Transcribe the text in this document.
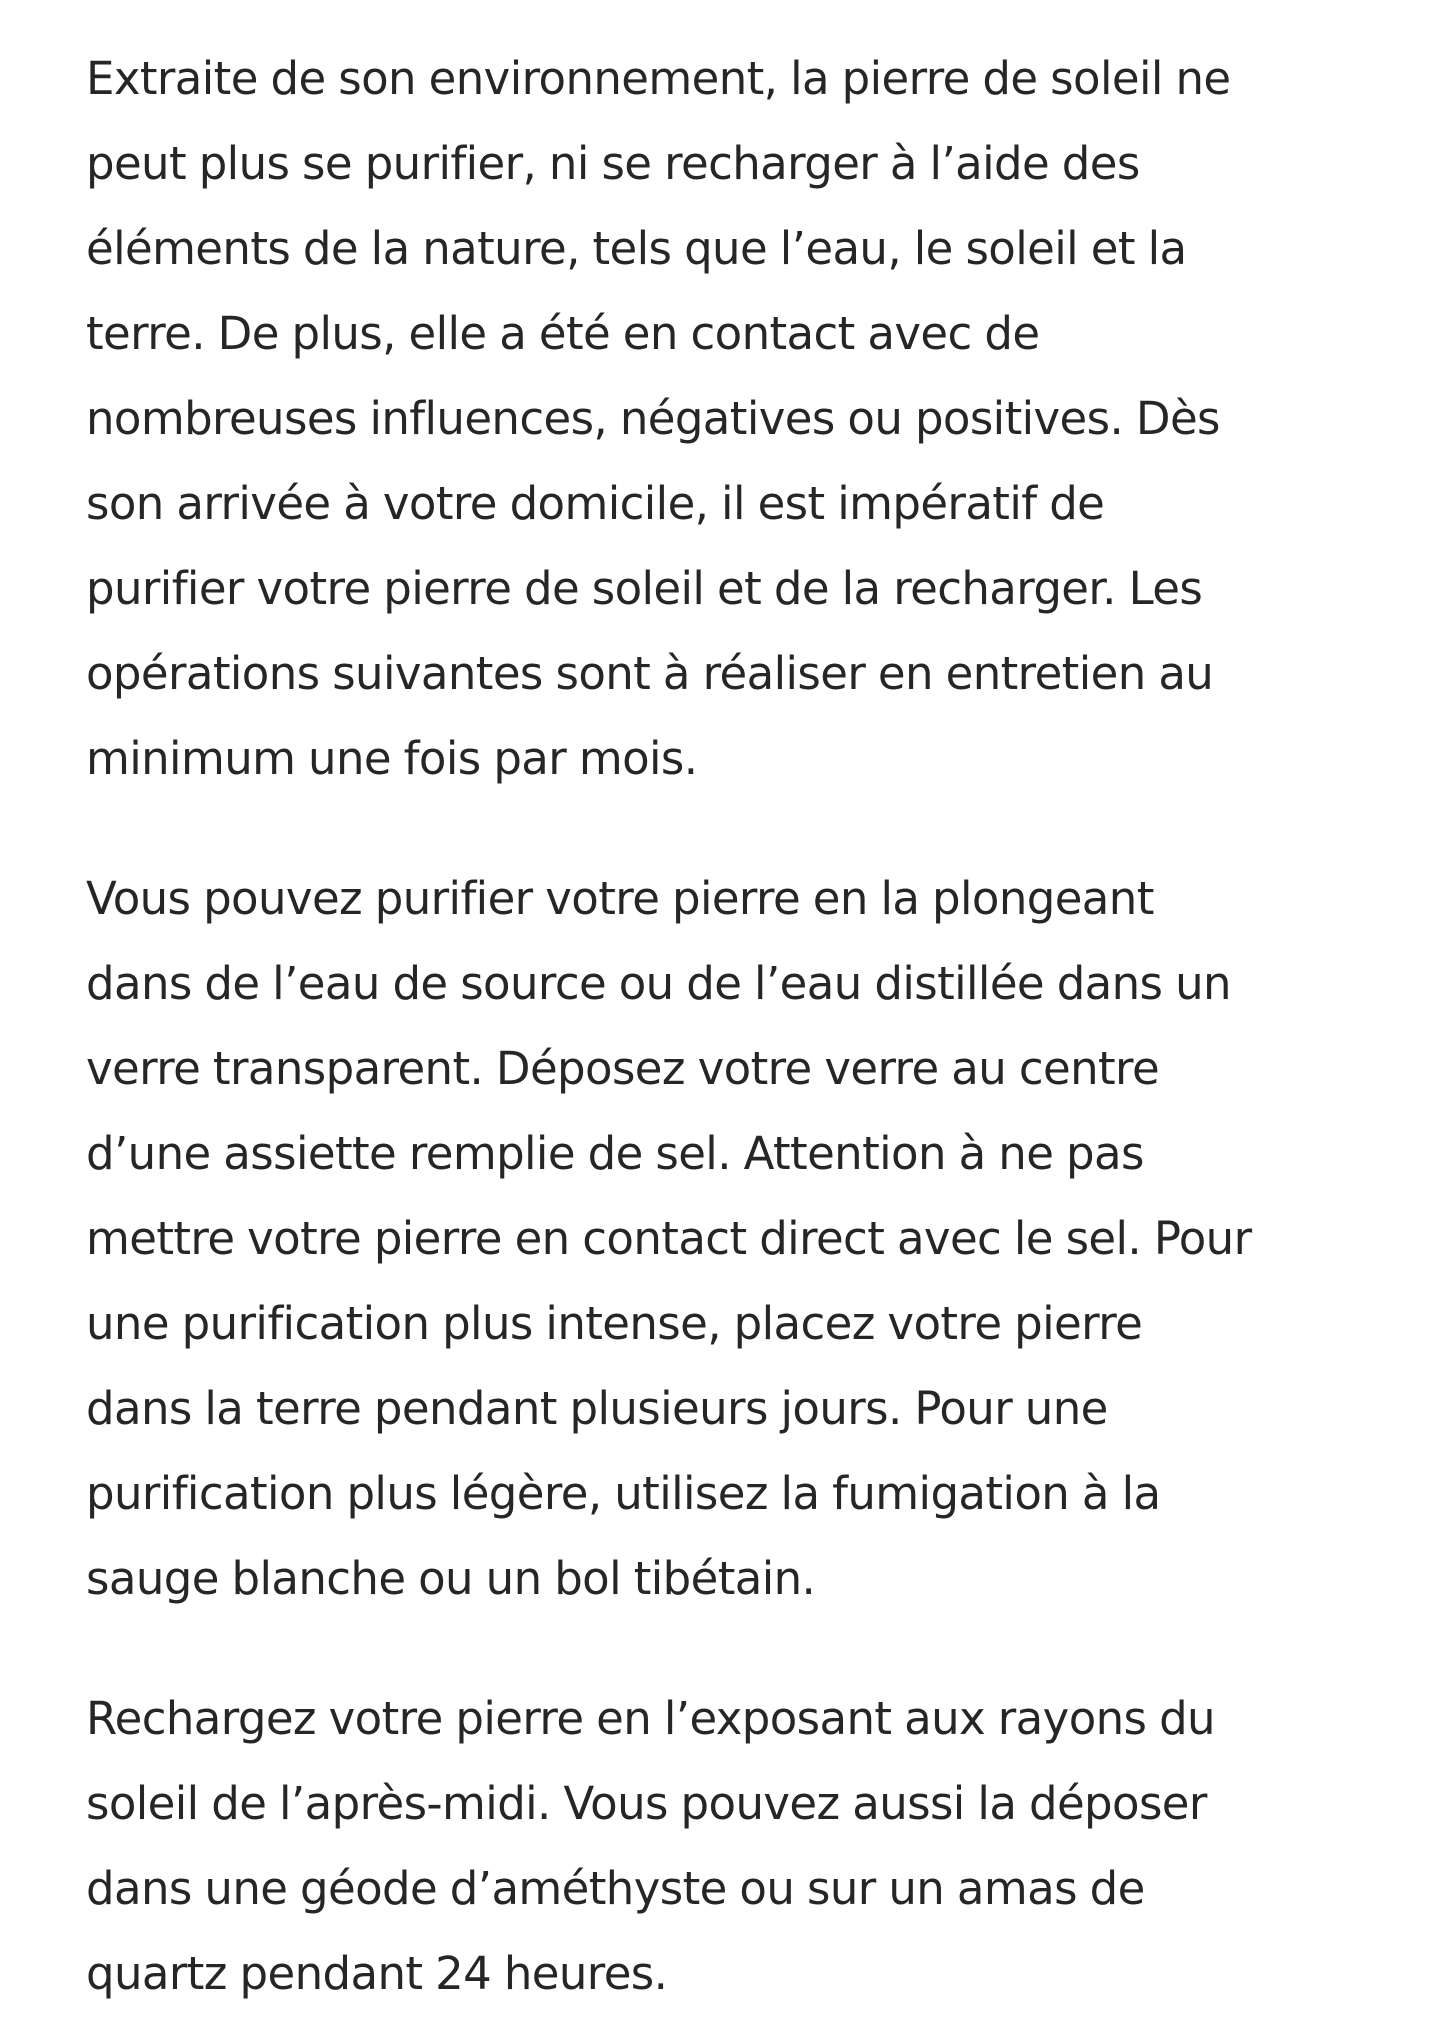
Extraite de son environnement, la pierre de soleil ne
peut plus se purifier, ni se recharger à l’aide des
éléments de la nature, tels que l’eau, le soleil et la
terre. De plus, elle a été en contact avec de
nombreuses influences, négatives ou positives. Dès
son arrivée à votre domicile, il est impératif de
purifier votre pierre de soleil et de la recharger. Les
opérations suivantes sont à réaliser en entretien au
minimum une fois par mois.

Vous pouvez purifier votre pierre en la plongeant
dans de l’eau de source ou de l’eau distillée dans un
verre transparent. Déposez votre verre au centre
d’une assiette remplie de sel. Attention à ne pas
mettre votre pierre en contact direct avec le sel. Pour
une purification plus intense, placez votre pierre
dans la terre pendant plusieurs jours. Pour une
purification plus légère, utilisez la fumigation à la
sauge blanche ou un bol tibétain.

Rechargez votre pierre en l’exposant aux rayons du
soleil de l’après-midi. Vous pouvez aussi la déposer
dans une géode d’améthyste ou sur un amas de
quartz pendant 24 heures.
